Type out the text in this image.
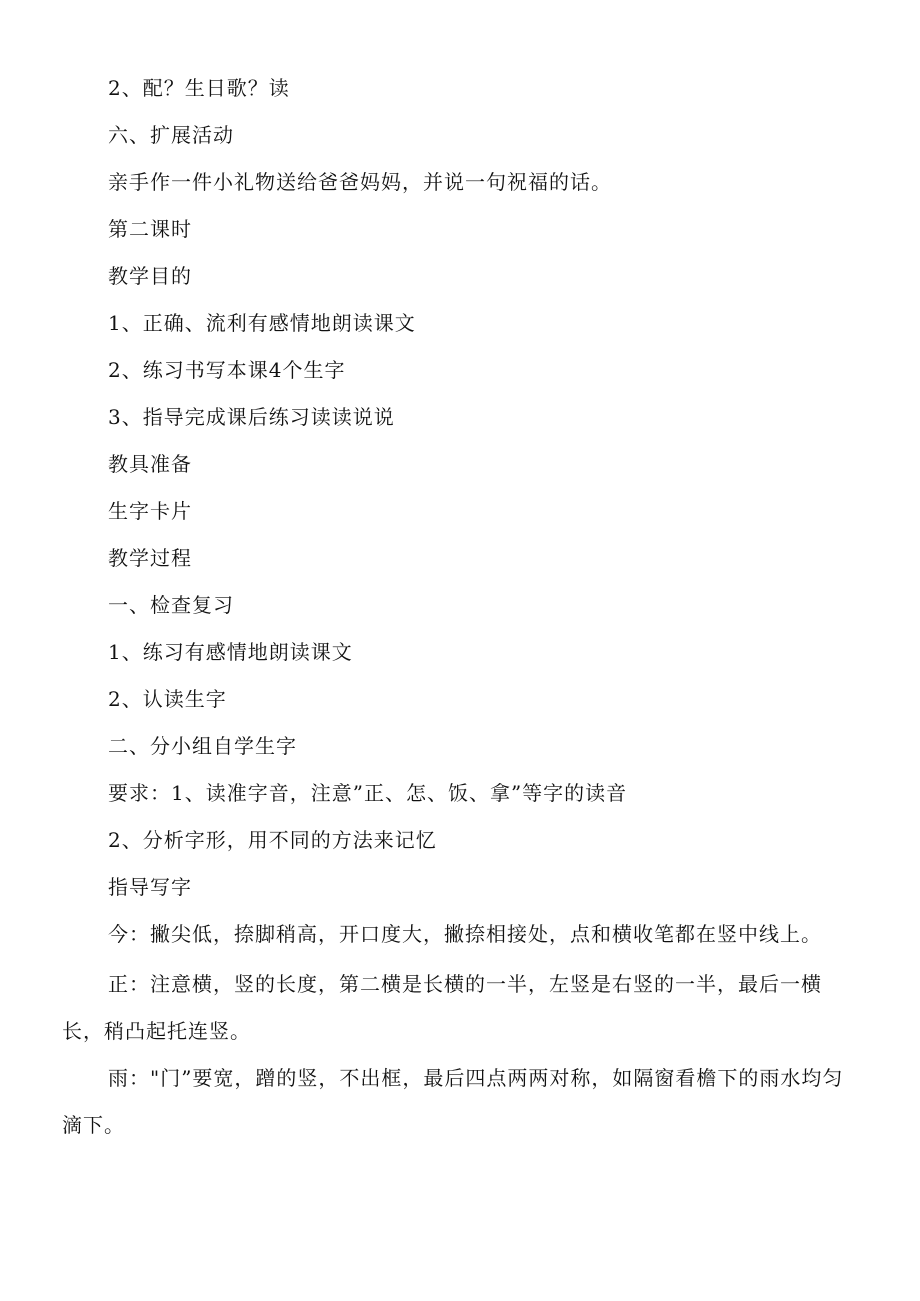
2、配？生日歌？读
六、扩展活动
亲手作一件小礼物送给爸爸妈妈，并说一句祝福的话。
第二课时
教学目的
1、正确、流利有感情地朗读课文
2、练习书写本课4个生字
3、指导完成课后练习读读说说
教具准备
生字卡片
教学过程
一、检查复习
1、练习有感情地朗读课文
2、认读生字
二、分小组自学生字
要求：1、读准字音，注意”正、怎、饭、拿”等字的读音
2、分析字形，用不同的方法来记忆
指导写字
今：撇尖低，捺脚稍高，开口度大，撇捺相接处，点和横收笔都在竖中线上。
正：注意横，竖的长度，第二横是长横的一半，左竖是右竖的一半，最后一横长，稍凸起托连竖。
雨："门”要宽，蹭的竖，不出框，最后四点两两对称，如隔窗看檐下的雨水均匀滴下。
